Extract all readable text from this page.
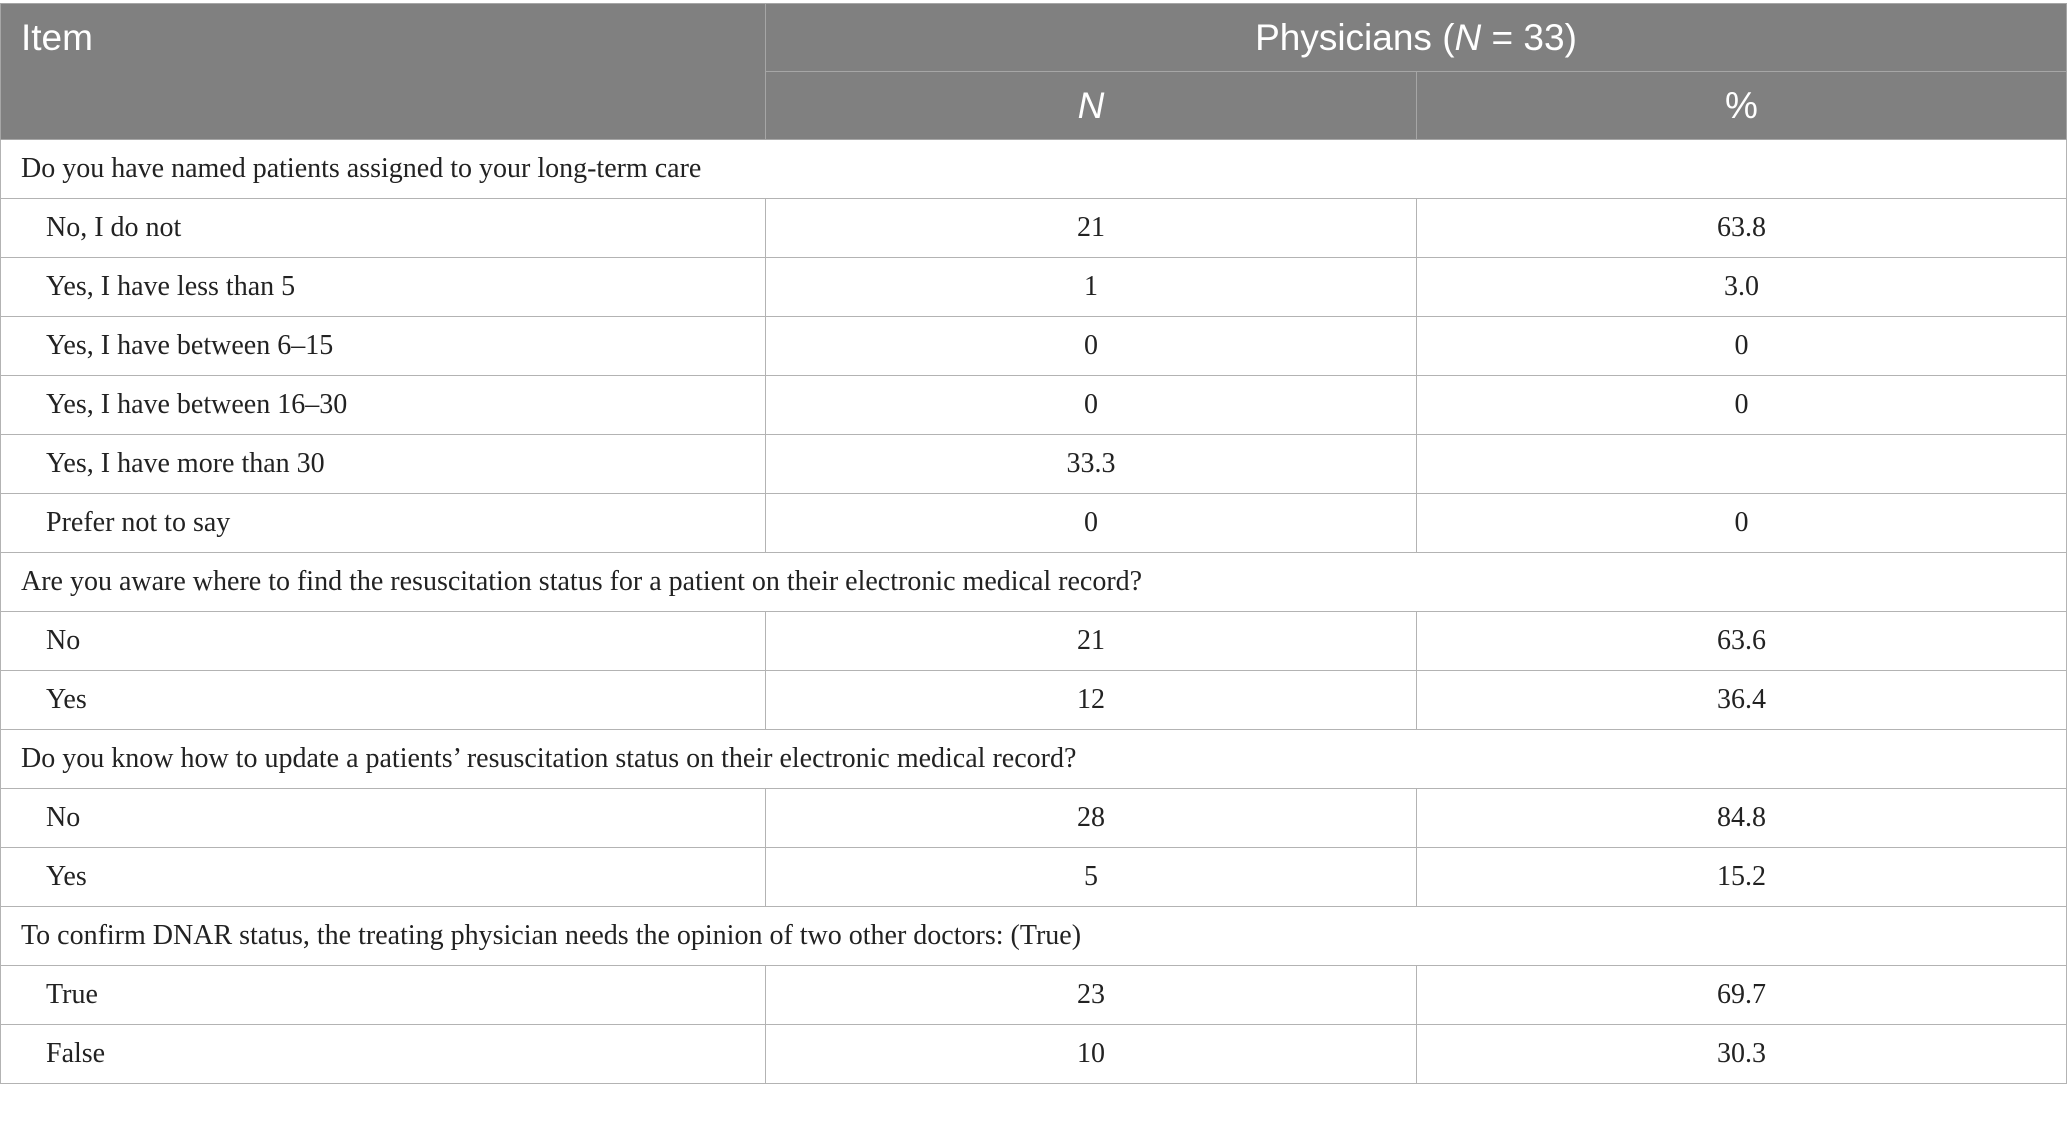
Item	Physicians (N = 33)	
	N	%
Do you have named patients assigned to your long-term care		
No, I do not	21	63.8
Yes, I have less than 5	1	3.0
Yes, I have between 6–15	0	0
Yes, I have between 16–30	0	0
Yes, I have more than 30	33.3	
Prefer not to say	0	0
Are you aware where to find the resuscitation status for a patient on their electronic medical record?		
No	21	63.6
Yes	12	36.4
Do you know how to update a patients’ resuscitation status on their electronic medical record?		
No	28	84.8
Yes	5	15.2
To confirm DNAR status, the treating physician needs the opinion of two other doctors: (True)		
True	23	69.7
False	10	30.3
